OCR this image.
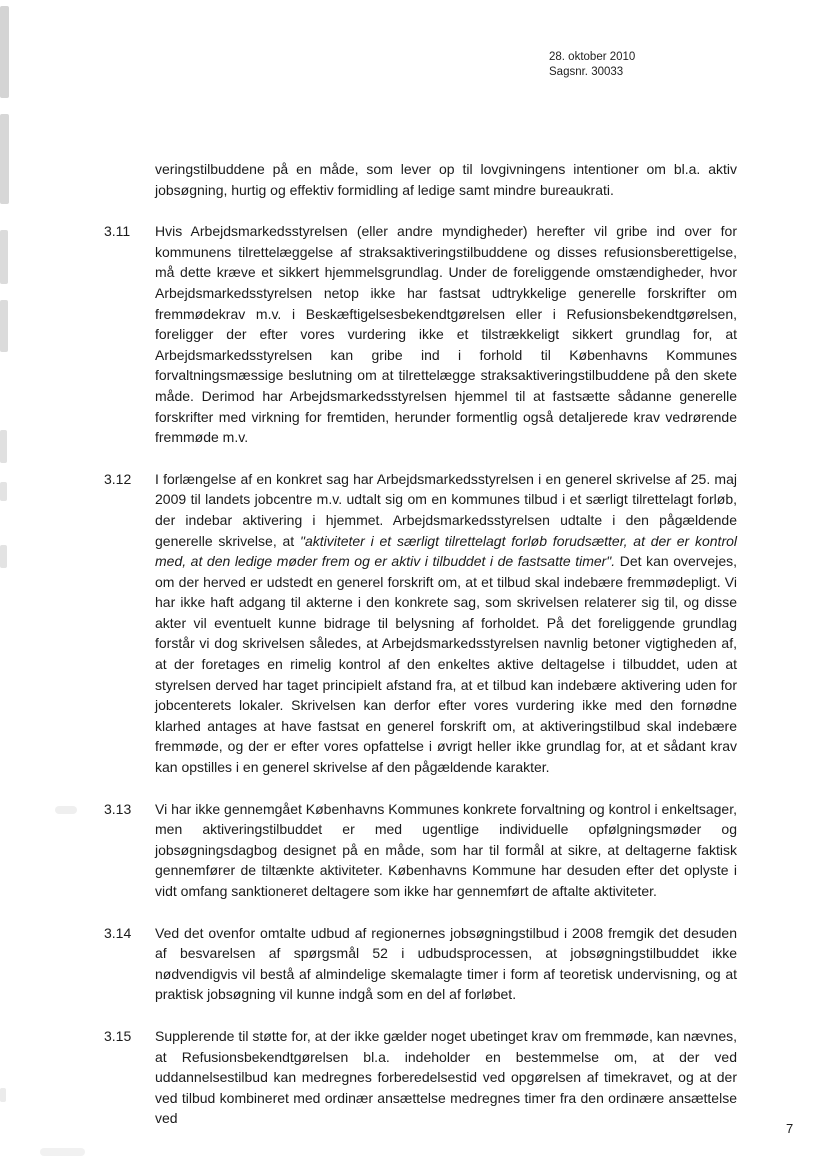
28. oktober 2010
Sagsnr. 30033
veringstilbuddene på en måde, som lever op til lovgivningens intentioner om bl.a. aktiv jobsøgning, hurtig og effektiv formidling af ledige samt mindre bureaukrati.
3.11	Hvis Arbejdsmarkedsstyrelsen (eller andre myndigheder) herefter vil gribe ind over for kommunens tilrettelæggelse af straksaktiveringstilbuddene og disses refusionsberettigelse, må dette kræve et sikkert hjemmelsgrundlag. Under de foreliggende omstændigheder, hvor Arbejdsmarkedsstyrelsen netop ikke har fastsat udtrykkelige generelle forskrifter om fremmødekrav m.v. i Beskæftigelsesbekendtgørelsen eller i Refusionsbekendtgørelsen, foreligger der efter vores vurdering ikke et tilstrækkeligt sikkert grundlag for, at Arbejdsmarkedsstyrelsen kan gribe ind i forhold til Københavns Kommunes forvaltningsmæssige beslutning om at tilrettelægge straksaktiveringstilbuddene på den skete måde. Derimod har Arbejdsmarkedsstyrelsen hjemmel til at fastsætte sådanne generelle forskrifter med virkning for fremtiden, herunder formentlig også detaljerede krav vedrørende fremmøde m.v.
3.12	I forlængelse af en konkret sag har Arbejdsmarkedsstyrelsen i en generel skrivelse af 25. maj 2009 til landets jobcentre m.v. udtalt sig om en kommunes tilbud i et særligt tilrettelagt forløb, der indebar aktivering i hjemmet. Arbejdsmarkedsstyrelsen udtalte i den pågældende generelle skrivelse, at "aktiviteter i et særligt tilrettelagt forløb forudsætter, at der er kontrol med, at den ledige møder frem og er aktiv i tilbuddet i de fastsatte timer". Det kan overvejes, om der herved er udstedt en generel forskrift om, at et tilbud skal indebære fremmødepligt. Vi har ikke haft adgang til akterne i den konkrete sag, som skrivelsen relaterer sig til, og disse akter vil eventuelt kunne bidrage til belysning af forholdet. På det foreliggende grundlag forstår vi dog skrivelsen således, at Arbejdsmarkedsstyrelsen navnlig betoner vigtigheden af, at der foretages en rimelig kontrol af den enkeltes aktive deltagelse i tilbuddet, uden at styrelsen derved har taget principielt afstand fra, at et tilbud kan indebære aktivering uden for jobcenterets lokaler. Skrivelsen kan derfor efter vores vurdering ikke med den fornødne klarhed antages at have fastsat en generel forskrift om, at aktiveringstilbud skal indebære fremmøde, og der er efter vores opfattelse i øvrigt heller ikke grundlag for, at et sådant krav kan opstilles i en generel skrivelse af den pågældende karakter.
3.13	Vi har ikke gennemgået Københavns Kommunes konkrete forvaltning og kontrol i enkeltsager, men aktiveringstilbuddet er med ugentlige individuelle opfølgningsmøder og jobsøgningsdagbog designet på en måde, som har til formål at sikre, at deltagerne faktisk gennemfører de tiltænkte aktiviteter. Københavns Kommune har desuden efter det oplyste i vidt omfang sanktioneret deltagere som ikke har gennemført de aftalte aktiviteter.
3.14	Ved det ovenfor omtalte udbud af regionernes jobsøgningstilbud i 2008 fremgik det desuden af besvarelsen af spørgsmål 52 i udbudsprocessen, at jobsøgningstilbuddet ikke nødvendigvis vil bestå af almindelige skemalagte timer i form af teoretisk undervisning, og at praktisk jobsøgning vil kunne indgå som en del af forløbet.
3.15	Supplerende til støtte for, at der ikke gælder noget ubetinget krav om fremmøde, kan nævnes, at Refusionsbekendtgørelsen bl.a. indeholder en bestemmelse om, at der ved uddannelsestilbud kan medregnes forberedelsestid ved opgørelsen af timekravet, og at der ved tilbud kombineret med ordinær ansættelse medregnes timer fra den ordinære ansættelse ved
7
